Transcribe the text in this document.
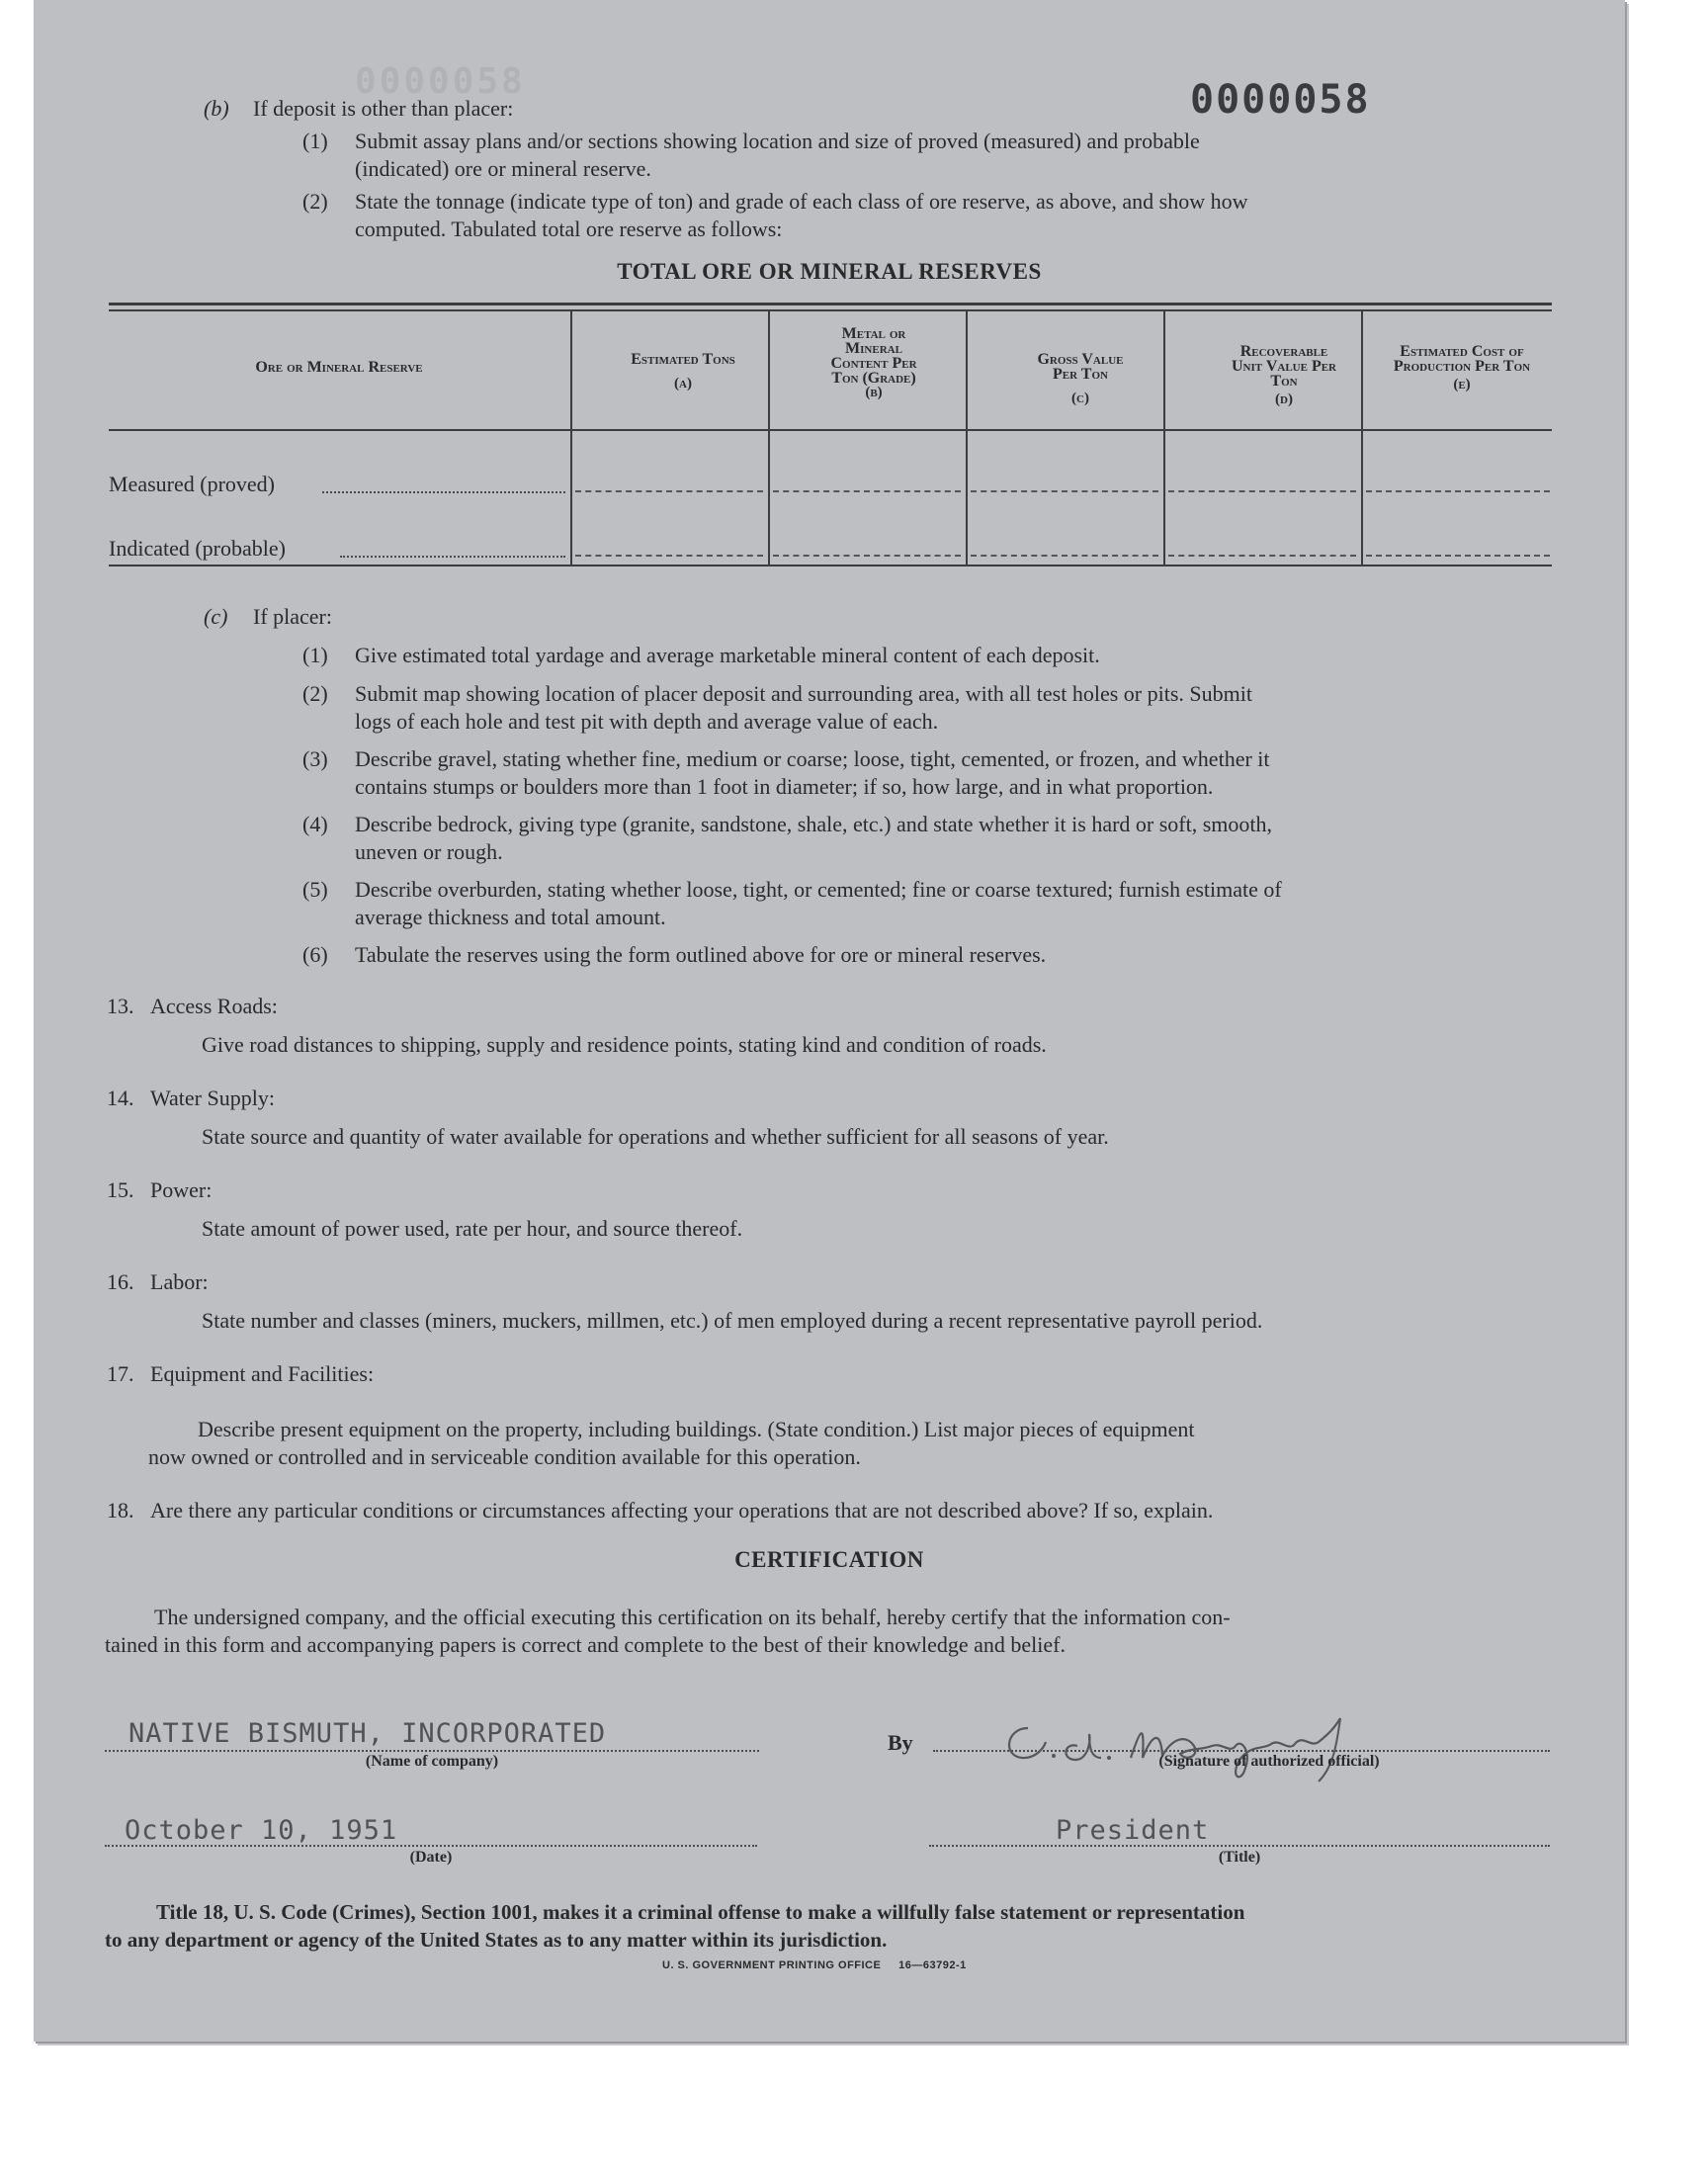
0000058	0000058
(b) If deposit is other than placer:
(1) Submit assay plans and/or sections showing location and size of proved (measured) and probable
(indicated) ore or mineral reserve.
(2) State the tonnage (indicate type of ton) and grade of each class of ore reserve, as above, and show how
computed. Tabulated total ore reserve as follows:
TOTAL ORE OR MINERAL RESERVES
Ore or Mineral Reserve	Estimated Tons
(a)
Metal or Mineral Content Per Ton (Grade)
(b)
Gross Value Per Ton
(c)
Recoverable Unit Value Per Ton
(d)
Estimated Cost of Production Per Ton
(e)
Measured (proved)
Indicated (probable)
(c) If placer:
(1) Give estimated total yardage and average marketable mineral content of each deposit.
(2) Submit map showing location of placer deposit and surrounding area, with all test holes or pits. Submit
logs of each hole and test pit with depth and average value of each.
(3) Describe gravel, stating whether fine, medium or coarse; loose, tight, cemented, or frozen, and whether it
contains stumps or boulders more than 1 foot in diameter; if so, how large, and in what proportion.
(4) Describe bedrock, giving type (granite, sandstone, shale, etc.) and state whether it is hard or soft, smooth,
uneven or rough.
(5) Describe overburden, stating whether loose, tight, or cemented; fine or coarse textured; furnish estimate of
average thickness and total amount.
(6) Tabulate the reserves using the form outlined above for ore or mineral reserves.
13. Access Roads:
Give road distances to shipping, supply and residence points, stating kind and condition of roads.
14. Water Supply:
State source and quantity of water available for operations and whether sufficient for all seasons of year.
15. Power:
State amount of power used, rate per hour, and source thereof.
16. Labor:
State number and classes (miners, muckers, millmen, etc.) of men employed during a recent representative payroll period.
17. Equipment and Facilities:
Describe present equipment on the property, including buildings. (State condition.) List major pieces of equipment
now owned or controlled and in serviceable condition available for this operation.
18. Are there any particular conditions or circumstances affecting your operations that are not described above? If so, explain.
CERTIFICATION
The undersigned company, and the official executing this certification on its behalf, hereby certify that the information con-
tained in this form and accompanying papers is correct and complete to the best of their knowledge and belief.
NATIVE BISMUTH, INCORPORATED
(Name of company)
By
(Signature of authorized official)
October 10, 1951
(Date)
President
(Title)
Title 18, U. S. Code (Crimes), Section 1001, makes it a criminal offense to make a willfully false statement or representation
to any department or agency of the United States as to any matter within its jurisdiction.
U. S. GOVERNMENT PRINTING OFFICE 16—63792-1
